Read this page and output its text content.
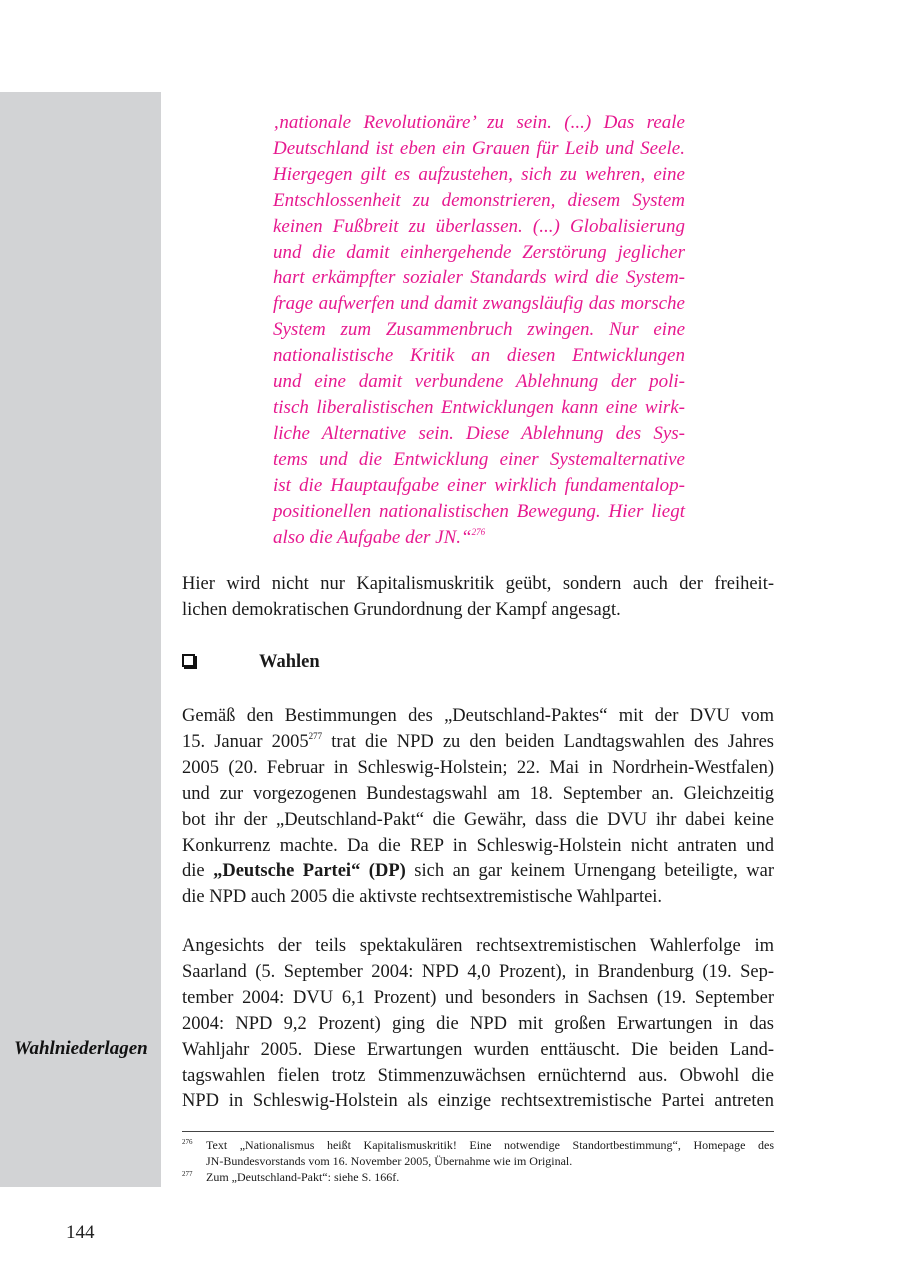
Wahlniederlagen
‚nationale Revolutionäre’ zu sein. (...) Das reale
Deutschland ist eben ein Grauen für Leib und Seele.
Hiergegen gilt es aufzustehen, sich zu wehren, eine
Entschlossenheit zu demonstrieren, diesem System
keinen Fußbreit zu überlassen. (...) Globalisierung
und die damit einhergehende Zerstörung jeglicher
hart erkämpfter sozialer Standards wird die System-
frage aufwerfen und damit zwangsläufig das morsche
System zum Zusammenbruch zwingen. Nur eine
nationalistische Kritik an diesen Entwicklungen
und eine damit verbundene Ablehnung der poli-
tisch liberalistischen Entwicklungen kann eine wirk-
liche Alternative sein. Diese Ablehnung des Sys-
tems und die Entwicklung einer Systemalternative
ist die Hauptaufgabe einer wirklich fundamentalop-
positionellen nationalistischen Bewegung. Hier liegt
also die Aufgabe der JN.“$^{276}$
Hier wird nicht nur Kapitalismuskritik geübt, sondern auch der freiheit-
lichen demokratischen Grundordnung der Kampf angesagt.
Wahlen
Gemäß den Bestimmungen des „Deutschland-Paktes“ mit der DVU vom
15. Januar 2005$^{277}$ trat die NPD zu den beiden Landtagswahlen des Jahres
2005 (20. Februar in Schleswig-Holstein; 22. Mai in Nordrhein-Westfalen)
und zur vorgezogenen Bundestagswahl am 18. September an. Gleichzeitig
bot ihr der „Deutschland-Pakt“ die Gewähr, dass die DVU ihr dabei keine
Konkurrenz machte. Da die REP in Schleswig-Holstein nicht antraten und
die „Deutsche Partei“ (DP) sich an gar keinem Urnengang beteiligte, war
die NPD auch 2005 die aktivste rechtsextremistische Wahlpartei.
Angesichts der teils spektakulären rechtsextremistischen Wahlerfolge im
Saarland (5. September 2004: NPD 4,0 Prozent), in Brandenburg (19. Sep-
tember 2004: DVU 6,1 Prozent) und besonders in Sachsen (19. September
2004: NPD 9,2 Prozent) ging die NPD mit großen Erwartungen in das
Wahljahr 2005. Diese Erwartungen wurden enttäuscht. Die beiden Land-
tagswahlen fielen trotz Stimmenzuwächsen ernüchternd aus. Obwohl die
NPD in Schleswig-Holstein als einzige rechtsextremistische Partei antreten
276 Text „Nationalismus heißt Kapitalismuskritik! Eine notwendige Standortbestimmung“, Homepage des
JN-Bundesvorstands vom 16. November 2005, Übernahme wie im Original.
277 Zum „Deutschland-Pakt“: siehe S. 166f.
144
